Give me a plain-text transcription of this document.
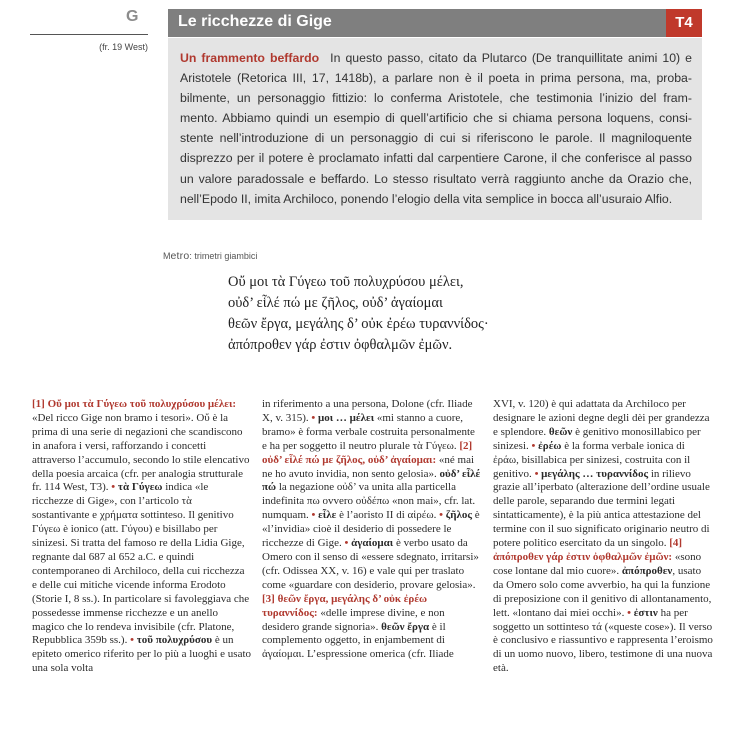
G
(fr. 19 West)
Le ricchezze di Gige	T4
Un frammento beffardo In questo passo, citato da Plutarco (De tranquillitate animi 10) e Aristotele (Retorica III, 17, 1418b), a parlare non è il poeta in prima persona, ma, proba- bilmente, un personaggio fittizio: lo conferma Aristotele, che testimonia l’inizio del fram- mento. Abbiamo quindi un esempio di quell’artificio che si chiama persona loquens, consi- stente nell’introduzione di un personaggio di cui si riferiscono le parole. Il magniloquente disprezzo per il potere è proclamato infatti dal carpentiere Carone, il che conferisce al passo un valore paradossale e beffardo. Lo stesso risultato verrà raggiunto anche da Orazio che, nell’Epodo II, imita Archiloco, ponendo l’elogio della vita semplice in bocca all’usuraio Alfio.
Metro: trimetri giambici
Οὔ μοι τὰ Γύγεω τοῦ πολυχρύσου μέλει,
οὐδ’ εἷλέ πώ με ζῆλος, οὐδ’ ἀγαίομαι
θεῶν ἔργα, μεγάλης δ’ οὐκ ἐρέω τυραννίδος·
ἀπόπροθεν γάρ ἐστιν ὀφθαλμῶν ἐμῶν.

[1] Οὔ μοι τὰ Γύγεω τοῦ πολυχρύσου μέλει: «Del ricco Gige non bramo i tesori». Οὔ è la prima di una serie di negazioni che scandiscono in anafora i versi, rafforzando i concetti attraverso l’accumulo, secondo lo stile elencativo della poesia arcaica (cfr. per analogia strutturale fr. 114 West, T3). • τὰ Γύγεω indica «le ricchezze di Gige», con l’articolo τὰ sostantivante e χρήματα sottinteso. Il genitivo Γύγεω è ionico (att. Γύγου) e bisillabo per sinizesi. Si tratta del famoso re della Lidia Gige, regnante dal 687 al 652 a.C. e quindi contemporaneo di Archiloco, della cui ricchezza e delle cui mitiche vicende informa Erodoto (Storie I, 8 ss.). In particolare si favoleggiava che possedesse immense ricchezze e un anello magico che lo rendeva invisibile (cfr. Platone, Repubblica 359b ss.). • τοῦ πολυχρύσου è un epiteto omerico riferito per lo più a luoghi e usato una sola volta

in riferimento a una persona, Dolone (cfr. Iliade X, v. 315). • μοι … μέλει «mi stanno a cuore, bramo» è forma verbale costruita personalmente e ha per soggetto il neutro plurale τὰ Γύγεω. [2] οὐδ’ εἷλέ πώ με ζῆλος, οὐδ’ ἀγαίομαι: «né mai ne ho avuto invidia, non sento gelosia». οὐδ’ εἷλέ πώ la negazione οὐδ’ va unita alla particella indefinita πω ovvero οὐδέπω «non mai», cfr. lat. numquam. • εἷλε è l’aoristo II di αἱρέω. • ζῆλος è «l’invidia» cioè il desiderio di possedere le ricchezze di Gige. • ἀγαίομαι è verbo usato da Omero con il senso di «essere sdegnato, irritarsi» (cfr. Odissea XX, v. 16) e vale qui per traslato come «guardare con desiderio, provare gelosia». [3] θεῶν ἔργα, μεγάλης δ’ οὐκ ἐρέω τυραννίδος: «delle imprese divine, e non desidero grande signoria». θεῶν ἔργα è il complemento oggetto, in enjambement di ἀγαίομαι. L’espressione omerica (cfr. Iliade

XVI, v. 120) è qui adattata da Archiloco per designare le azioni degne degli dèi per grandezza e splendore. θεῶν è genitivo monosillabico per sinizesi. • ἐρέω è la forma verbale ionica di ἐράω, bisillabica per sinizesi, costruita con il genitivo. • μεγάλης … τυραννίδος in rilievo grazie all’iperbato (alterazione dell’ordine usuale delle parole, separando due termini legati sintatticamente), è la più antica attestazione del termine con il suo significato originario neutro di potere politico esercitato da un singolo. [4] ἀπόπροθεν γάρ ἐστιν ὀφθαλμῶν ἐμῶν: «sono cose lontane dal mio cuore». ἀπόπροθεν, usato da Omero solo come avverbio, ha qui la funzione di preposizione con il genitivo di allontanamento, lett. «lontano dai miei occhi». • ἐστιν ha per soggetto un sottinteso τά («queste cose»). Il verso è conclusivo e riassuntivo e rappresenta l’eroismo di un uomo nuovo, libero, testimone di una nuova età.
